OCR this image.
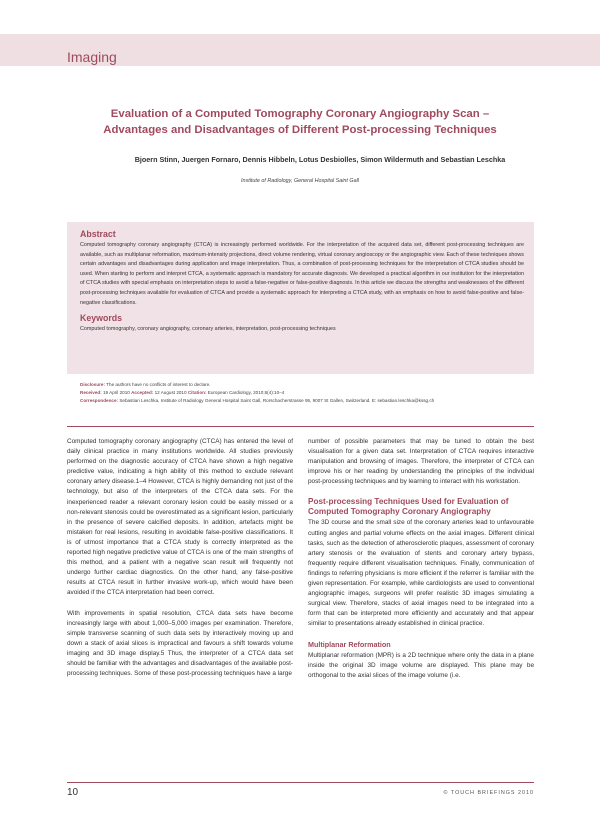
Imaging
Evaluation of a Computed Tomography Coronary Angiography Scan –
Advantages and Disadvantages of Different Post-processing Techniques
Bjoern Stinn, Juergen Fornaro, Dennis Hibbeln, Lotus Desbiolles, Simon Wildermuth and Sebastian Leschka
Institute of Radiology, General Hospital Saint Gall
Abstract

Computed tomography coronary angiography (CTCA) is increasingly performed worldwide. For the interpretation of the acquired data set, different post-processing techniques are available, such as multiplanar reformation, maximum-intensity projections, direct volume rendering, virtual coronary angioscopy or the angiographic view. Each of these techniques shows certain advantages and disadvantages during application and image interpretation. Thus, a combination of post-processing techniques for the interpretation of CTCA studies should be used. When starting to perform and interpret CTCA, a systematic approach is mandatory for accurate diagnosis. We developed a practical algorithm in our institution for the interpretation of CTCA studies with special emphasis on interpretation steps to avoid a false-negative or false-positive diagnosis. In this article we discuss the strengths and weaknesses of the different post-processing techniques available for evaluation of CTCA and provide a systematic approach for interpreting a CTCA study, with an emphasis on how to avoid false-positive and false-negative classifications.

Keywords

Computed tomography, coronary angiography, coronary arteries, interpretation, post-processing techniques

Disclosure: The authors have no conflicts of interest to declare.
Received: 19 April 2010 Accepted: 12 August 2010 Citation: European Cardiology, 2010;6(4):10–4
Correspondence: Sebastian Leschka, Institute of Radiology General Hospital Saint Gall, Rorschacherstrasse 95, 9007 St Gallen, Switzerland. E: sebastian.leschka@kssg.ch

Computed tomography coronary angiography (CTCA) has entered the level of daily clinical practice in many institutions worldwide. All studies previously performed on the diagnostic accuracy of CTCA have shown a high negative predictive value, indicating a high ability of this method to exclude relevant coronary artery disease.1–4 However, CTCA is highly demanding not just of the technology, but also of the interpreters of the CTCA data sets. For the inexperienced reader a relevant coronary lesion could be easily missed or a non-relevant stenosis could be overestimated as a significant lesion, particularly in the presence of severe calcified deposits. In addition, artefacts might be mistaken for real lesions, resulting in avoidable false-positive classifications. It is of utmost importance that a CTCA study is correctly interpreted as the reported high negative predictive value of CTCA is one of the main strengths of this method, and a patient with a negative scan result will frequently not undergo further cardiac diagnostics. On the other hand, any false-positive results at CTCA result in further invasive work-up, which would have been avoided if the CTCA interpretation had been correct.

With improvements in spatial resolution, CTCA data sets have become increasingly large with about 1,000–5,000 images per examination. Therefore, simple transverse scanning of such data sets by interactively moving up and down a stack of axial slices is impractical and favours a shift towards volume imaging and 3D image display.5 Thus, the interpreter of a CTCA data set should be familiar with the advantages and disadvantages of the available post-processing techniques. Some of these post-processing techniques have a large

number of possible parameters that may be tuned to obtain the best visualisation for a given data set. Interpretation of CTCA requires interactive manipulation and browsing of images. Therefore, the interpreter of CTCA can improve his or her reading by understanding the principles of the individual post-processing techniques and by learning to interact with his workstation.

Post-processing Techniques Used for Evaluation of Computed Tomography Coronary Angiography

The 3D course and the small size of the coronary arteries lead to unfavourable cutting angles and partial volume effects on the axial images. Different clinical tasks, such as the detection of atherosclerotic plaques, assessment of coronary artery stenosis or the evaluation of stents and coronary artery bypass, frequently require different visualisation techniques. Finally, communication of findings to referring physicians is more efficient if the referrer is familiar with the given representation. For example, while cardiologists are used to conventional angiographic images, surgeons will prefer realistic 3D images simulating a surgical view. Therefore, stacks of axial images need to be integrated into a form that can be interpreted more efficiently and accurately and that appear similar to presentations already established in clinical practice.

Multiplanar Reformation

Multiplanar reformation (MPR) is a 2D technique where only the data in a plane inside the original 3D image volume are displayed. This plane may be orthogonal to the axial slices of the image volume (i.e.

10	© TOUCH BRIEFINGS 2010
